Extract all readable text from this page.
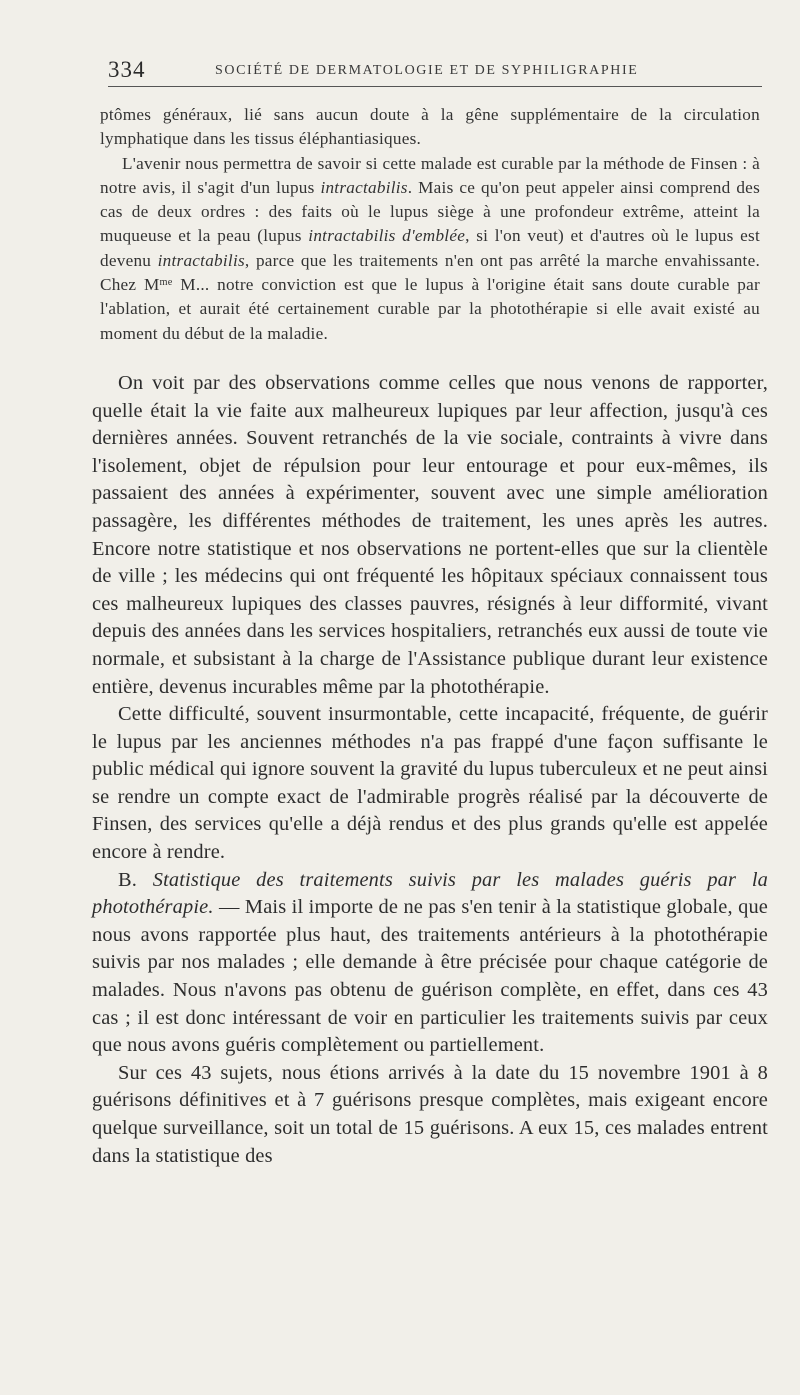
334	SOCIÉTÉ DE DERMATOLOGIE ET DE SYPHILIGRAPHIE

ptômes généraux, lié sans aucun doute à la gêne supplémentaire de la circulation lymphatique dans les tissus éléphantiasiques.

L'avenir nous permettra de savoir si cette malade est curable par la méthode de Finsen : à notre avis, il s'agit d'un lupus intractabilis. Mais ce qu'on peut appeler ainsi comprend des cas de deux ordres : des faits où le lupus siège à une profondeur extrême, atteint la muqueuse et la peau (lupus intractabilis d'emblée, si l'on veut) et d'autres où le lupus est devenu intractabilis, parce que les traitements n'en ont pas arrêté la marche envahissante. Chez $M^{me}$ M... notre conviction est que le lupus à l'origine était sans doute curable par l'ablation, et aurait été certainement curable par la photothérapie si elle avait existé au moment du début de la maladie.

On voit par des observations comme celles que nous venons de rapporter, quelle était la vie faite aux malheureux lupiques par leur affection, jusqu'à ces dernières années. Souvent retranchés de la vie sociale, contraints à vivre dans l'isolement, objet de répulsion pour leur entourage et pour eux-mêmes, ils passaient des années à expérimenter, souvent avec une simple amélioration passagère, les différentes méthodes de traitement, les unes après les autres. Encore notre statistique et nos observations ne portent-elles que sur la clientèle de ville ; les médecins qui ont fréquenté les hôpitaux spéciaux connaissent tous ces malheureux lupiques des classes pauvres, résignés à leur difformité, vivant depuis des années dans les services hospitaliers, retranchés eux aussi de toute vie normale, et subsistant à la charge de l'Assistance publique durant leur existence entière, devenus incurables même par la photothérapie.

Cette difficulté, souvent insurmontable, cette incapacité, fréquente, de guérir le lupus par les anciennes méthodes n'a pas frappé d'une façon suffisante le public médical qui ignore souvent la gravité du lupus tuberculeux et ne peut ainsi se rendre un compte exact de l'admirable progrès réalisé par la découverte de Finsen, des services qu'elle a déjà rendus et des plus grands qu'elle est appelée encore à rendre.

B. Statistique des traitements suivis par les malades guéris par la photothérapie. — Mais il importe de ne pas s'en tenir à la statistique globale, que nous avons rapportée plus haut, des traitements antérieurs à la photothérapie suivis par nos malades ; elle demande à être précisée pour chaque catégorie de malades. Nous n'avons pas obtenu de guérison complète, en effet, dans ces 43 cas ; il est donc intéressant de voir en particulier les traitements suivis par ceux que nous avons guéris complètement ou partiellement.

Sur ces 43 sujets, nous étions arrivés à la date du 15 novembre 1901 à 8 guérisons définitives et à 7 guérisons presque complètes, mais exigeant encore quelque surveillance, soit un total de 15 guérisons. A eux 15, ces malades entrent dans la statistique des
